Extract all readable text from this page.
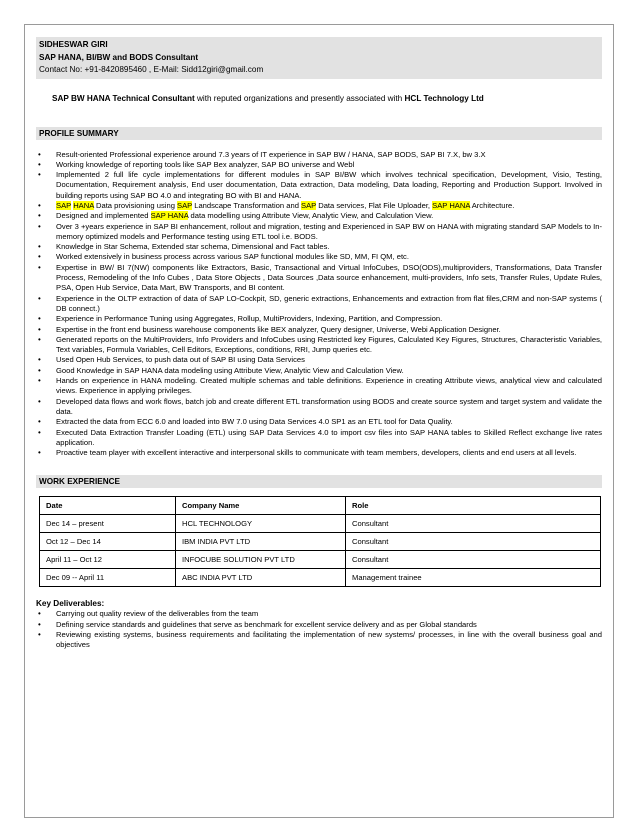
SIDHESWAR GIRI
SAP HANA, BI/BW and BODS Consultant
Contact No: +91-8420895460 , E-Mail: Sidd12giri@gmail.com
SAP BW HANA Technical Consultant with reputed organizations and presently associated with HCL Technology Ltd
PROFILE SUMMARY
• Result-oriented Professional experience around 7.3 years of IT experience in SAP BW / HANA, SAP BODS, SAP BI 7.X, bw 3.X
• Working knowledge of reporting tools like SAP Bex analyzer, SAP BO universe and Webl
• Implemented 2 full life cycle implementations for different modules in SAP BI/BW which involves technical specification, Development, Visio, Testing, Documentation, Requirement analysis, End user documentation, Data extraction, Data modeling, Data loading, Reporting and Production Support. Involved in building reports using SAP BO 4.0 and integrating BO with BI and HANA.
• SAP HANA Data provisioning using SAP Landscape Transformation and SAP Data services, Flat File Uploader, SAP HANA Architecture.
• Designed and implemented SAP HANA data modelling using Attribute View, Analytic View, and Calculation View.
• Over 3 +years experience in SAP BI enhancement, rollout and migration, testing and Experienced in SAP BW on HANA with migrating standard SAP Models to In-memory optimized models and Performance testing using ETL tool i.e. BODS.
• Knowledge in Star Schema, Extended star schema, Dimensional and Fact tables.
• Worked extensively in business process across various SAP functional modules like SD, MM, FI QM, etc.
• Expertise in BW/ BI 7(NW) components like Extractors, Basic, Transactional and Virtual InfoCubes, DSO(ODS),multiproviders, Transformations, Data Transfer Process, Remodeling of the Info Cubes , Data Store Objects , Data Sources ,Data source enhancement, multi-providers, Info sets, Transfer Rules, Update Rules, PSA, Open Hub Service, Data Mart, BW Transports, and BI content.
• Experience in the OLTP extraction of data of SAP LO-Cockpit, SD, generic extractions, Enhancements and extraction from flat files,CRM and non-SAP systems ( DB connect.)
• Experience in Performance Tuning using Aggregates, Rollup, MultiProviders, Indexing, Partition, and Compression.
• Expertise in the front end business warehouse components like BEX analyzer, Query designer, Universe, Webi Application Designer.
• Generated reports on the MultiProviders, Info Providers and InfoCubes using Restricted key Figures, Calculated Key Figures, Structures, Characteristic Variables, Text variables, Formula Variables, Cell Editors, Exceptions, conditions, RRI, Jump queries etc.
• Used Open Hub Services, to push data out of SAP BI using Data Services
• Good Knowledge in SAP HANA data modeling using Attribute View, Analytic View and Calculation View.
• Hands on experience in HANA modeling. Created multiple schemas and table definitions. Experience in creating Attribute views, analytical view and calculated views. Experience in applying privileges.
• Developed data flows and work flows, batch job and create different ETL transformation using BODS and create source system and target system and validate the data.
• Extracted the data from ECC 6.0 and loaded into BW 7.0 using Data Services 4.0 SP1 as an ETL tool for Data Quality.
• Executed Data Extraction Transfer Loading (ETL) using SAP Data Services 4.0 to import csv files into SAP HANA tables to Skilled Reflect exchange live rates application.
• Proactive team player with excellent interactive and interpersonal skills to communicate with team members, developers, clients and end users at all levels.
WORK EXPERIENCE
Date	Company Name	Role
Dec 14 – present	HCL TECHNOLOGY	Consultant
Oct 12 – Dec 14	IBM INDIA PVT LTD	Consultant
April 11 – Oct 12	INFOCUBE SOLUTION PVT LTD	Consultant
Dec 09 -- April 11	ABC INDIA PVT LTD	Management trainee
Key Deliverables:
• Carrying out quality review of the deliverables from the team
• Defining service standards and guidelines that serve as benchmark for excellent service delivery and as per Global standards
• Reviewing existing systems, business requirements and facilitating the implementation of new systems/ processes, in line with the overall business goal and objectives
